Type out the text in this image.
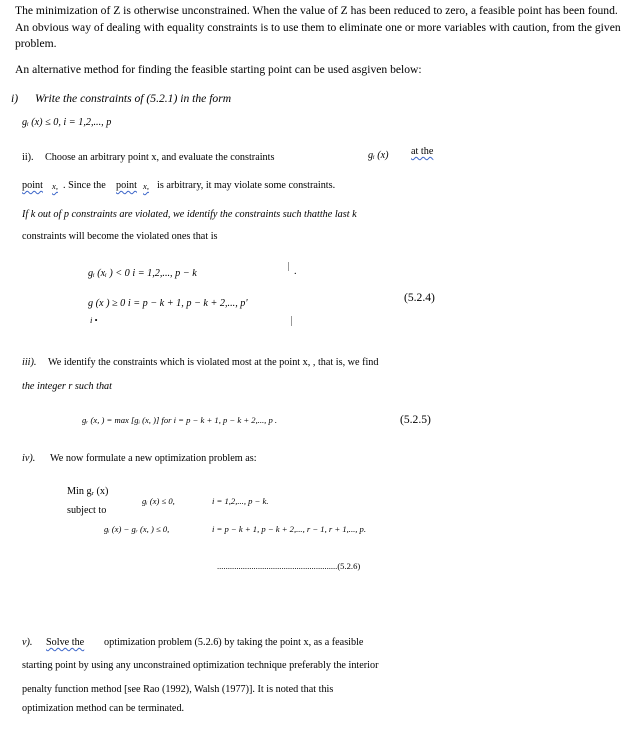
The minimization of Z is otherwise unconstrained. When the value of Z has been reduced to zero, a feasible point has been found.
An obvious way of dealing with equality constraints is to use them to eliminate one or more variables with caution, from the given
problem.
An alternative method for finding the feasible starting point can be used asgiven below:
i) Write the constraints of (5.2.1) in the form
gᵢ (x) ≤ 0, i = 1,2,..., p
ii). Choose an arbitrary point x, and evaluate the constraints	gᵢ (x) at the
point x, . Since the point x, is arbitrary, it may violate some constraints.
If k out of p constraints are violated, we identify the constraints such thatthe last k
constraints will become the violated ones that is
gᵢ (xᵢ ) < 0 i = 1,2,..., p − k	.
g (x ) ≥ 0 i = p − k + 1, p − k + 2,..., p'	(5.2.4)
i •
iii). We identify the constraints which is violated most at the point x, , that is, we find
the integer r such that
gᵣ (x, ) = max [gᵢ (x, )] for i = p − k + 1, p − k + 2,..., p .	(5.2.5)
iv). We now formulate a new optimization problem as:
Min gᵣ (x)
gᵢ (x) ≤ 0,	i = 1,2,..., p − k.
subject to
gᵢ (x) − gᵣ (x, ) ≤ 0,	i = p − k + 1, p − k + 2,..., r − 1, r + 1,..., p.
........................................................(5.2.6)
v). Solve the optimization problem (5.2.6) by taking the point x, as a feasible
starting point by using any unconstrained optimization technique preferably the interior
penalty function method [see Rao (1992), Walsh (1977)]. It is noted that this
optimization method can be terminated.
